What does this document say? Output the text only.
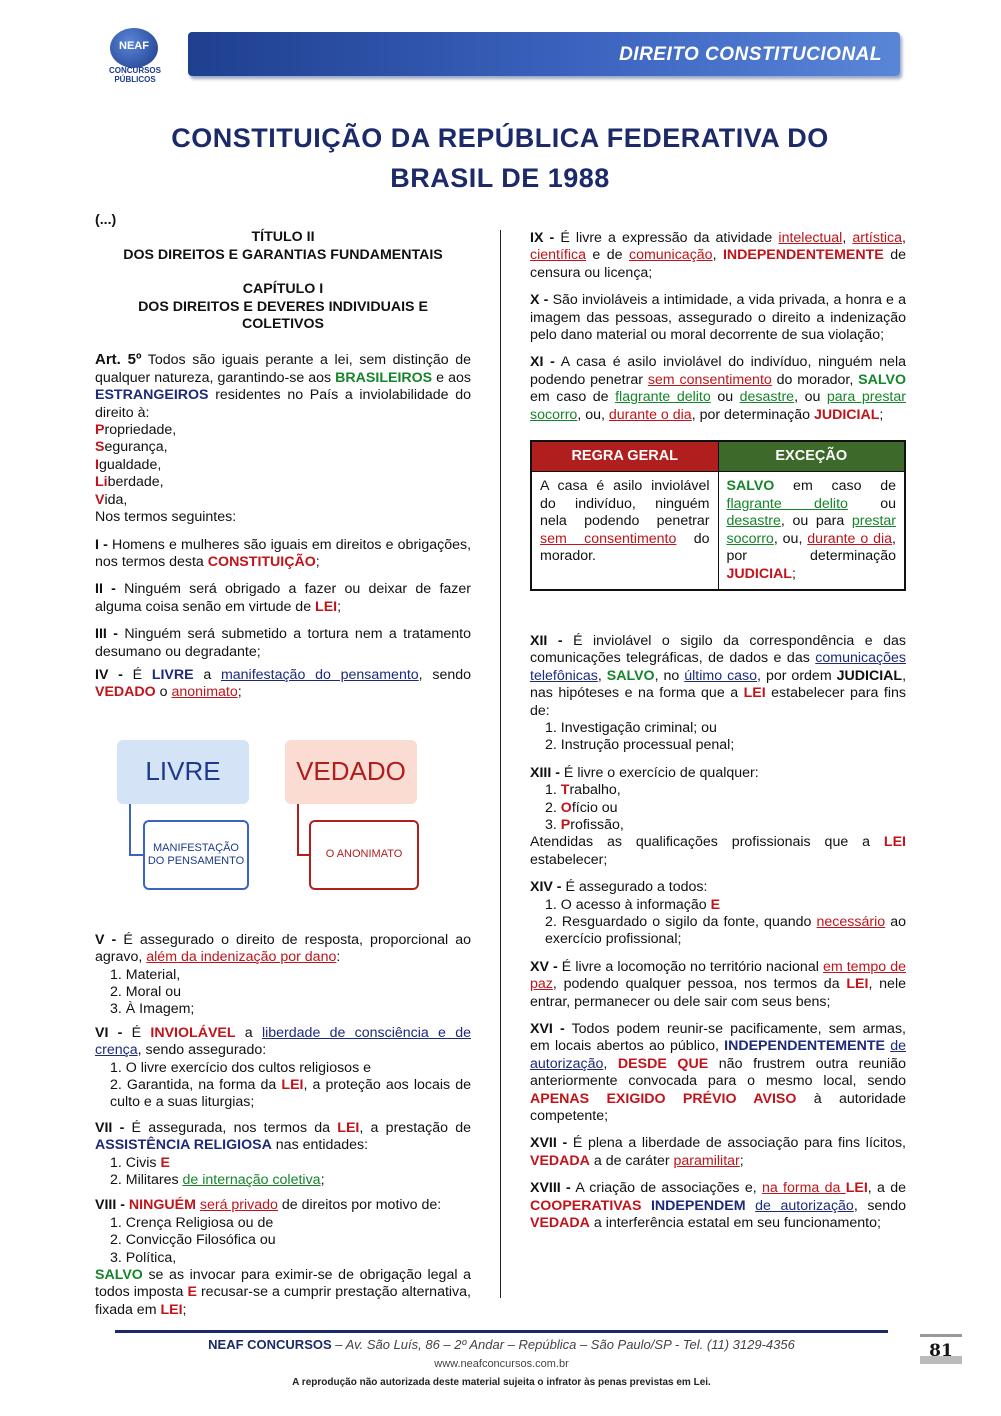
NEAF
CONCURSOS
PÚBLICOS
DIREITO CONSTITUCIONAL
CONSTITUIÇÃO DA REPÚBLICA FEDERATIVA DO
BRASIL DE 1988
(...)
TÍTULO II
DOS DIREITOS E GARANTIAS FUNDAMENTAIS
CAPÍTULO I
DOS DIREITOS E DEVERES INDIVIDUAIS E
COLETIVOS
Art. 5º Todos são iguais perante a lei, sem distinção de qualquer natureza, garantindo-se aos BRASILEIROS e aos ESTRANGEIROS residentes no País a inviolabilidade do direito à:
Propriedade,
Segurança,
Igualdade,
Liberdade,
Vida,
Nos termos seguintes:
I - Homens e mulheres são iguais em direitos e obrigações, nos termos desta CONSTITUIÇÃO;
II - Ninguém será obrigado a fazer ou deixar de fazer alguma coisa senão em virtude de LEI;
III - Ninguém será submetido a tortura nem a tratamento desumano ou degradante;
IV - É LIVRE a manifestação do pensamento, sendo VEDADO o anonimato;
LIVRE	VEDADO
MANIFESTAÇÃO
DO PENSAMENTO
O ANONIMATO
V - É assegurado o direito de resposta, proporcional ao agravo, além da indenização por dano:
1. Material,
2. Moral ou
3. À Imagem;
VI - É INVIOLÁVEL a liberdade de consciência e de crença, sendo assegurado:
1. O livre exercício dos cultos religiosos e
2. Garantida, na forma da LEI, a proteção aos locais de culto e a suas liturgias;
VII - É assegurada, nos termos da LEI, a prestação de ASSISTÊNCIA RELIGIOSA nas entidades:
1. Civis E
2. Militares de internação coletiva;
VIII - NINGUÉM será privado de direitos por motivo de:
1. Crença Religiosa ou de
2. Convicção Filosófica ou
3. Política,
SALVO se as invocar para eximir-se de obrigação legal a todos imposta E recusar-se a cumprir prestação alternativa, fixada em LEI;
IX - É livre a expressão da atividade intelectual, artística, científica e de comunicação, INDEPENDENTEMENTE de censura ou licença;
X - São invioláveis a intimidade, a vida privada, a honra e a imagem das pessoas, assegurado o direito a indenização pelo dano material ou moral decorrente de sua violação;
XI - A casa é asilo inviolável do indivíduo, ninguém nela podendo penetrar sem consentimento do morador, SALVO em caso de flagrante delito ou desastre, ou para prestar socorro, ou, durante o dia, por determinação JUDICIAL;
REGRA GERAL	EXCEÇÃO
A casa é asilo inviolável do indivíduo, ninguém nela podendo penetrar sem consentimento do morador.	SALVO em caso de flagrante delito ou desastre, ou para prestar socorro, ou, durante o dia, por determinação JUDICIAL;
XII - É inviolável o sigilo da correspondência e das comunicações telegráficas, de dados e das comunicações telefônicas, SALVO, no último caso, por ordem JUDICIAL, nas hipóteses e na forma que a LEI estabelecer para fins de:
1. Investigação criminal; ou
2. Instrução processual penal;
XIII - É livre o exercício de qualquer:
1. Trabalho,
2. Ofício ou
3. Profissão,
Atendidas as qualificações profissionais que a LEI estabelecer;
XIV - É assegurado a todos:
1. O acesso à informação E
2. Resguardado o sigilo da fonte, quando necessário ao exercício profissional;
XV - É livre a locomoção no território nacional em tempo de paz, podendo qualquer pessoa, nos termos da LEI, nele entrar, permanecer ou dele sair com seus bens;
XVI - Todos podem reunir-se pacificamente, sem armas, em locais abertos ao público, INDEPENDENTEMENTE de autorização, DESDE QUE não frustrem outra reunião anteriormente convocada para o mesmo local, sendo APENAS EXIGIDO PRÉVIO AVISO à autoridade competente;
XVII - É plena a liberdade de associação para fins lícitos, VEDADA a de caráter paramilitar;
XVIII - A criação de associações e, na forma da LEI, a de COOPERATIVAS INDEPENDEM de autorização, sendo VEDADA a interferência estatal em seu funcionamento;
NEAF CONCURSOS – Av. São Luís, 86 – 2º Andar – República – São Paulo/SP - Tel. (11) 3129-4356
www.neafconcursos.com.br
A reprodução não autorizada deste material sujeita o infrator às penas previstas em Lei.
81
